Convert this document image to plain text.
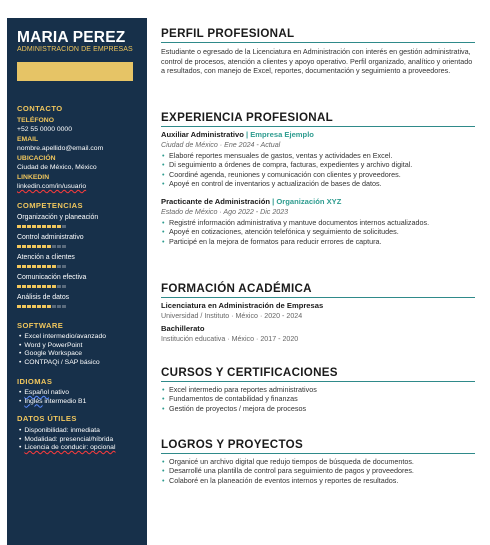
MARIA PEREZ
ADMINISTRACION DE EMPRESAS
CONTACTO
TELÉFONO
+52 55 0000 0000
EMAIL
nombre.apellido@email.com
UBICACIÓN
Ciudad de México, México
LINKEDIN
linkedin.com/in/usuario
COMPETENCIAS
Organización y planeación
Control administrativo
Atención a clientes
Comunicación efectiva
Análisis de datos
SOFTWARE
• Excel intermedio/avanzado
• Word y PowerPoint
• Google Workspace
• CONTPAQi / SAP básico
IDIOMAS
• Español nativo
• Inglés intermedio B1
DATOS ÚTILES
• Disponibilidad: inmediata
• Modalidad: presencial/híbrida
• Licencia de conducir: opcional
PERFIL PROFESIONAL
Estudiante o egresado de la Licenciatura en Administración con interés en gestión administrativa, control de procesos, atención a clientes y apoyo operativo. Perfil organizado, analítico y orientado a resultados, con manejo de Excel, reportes, documentación y seguimiento a proveedores.
EXPERIENCIA PROFESIONAL
Auxiliar Administrativo | Empresa Ejemplo
Ciudad de México · Ene 2024 - Actual
• Elaboré reportes mensuales de gastos, ventas y actividades en Excel.
• Di seguimiento a órdenes de compra, facturas, expedientes y archivo digital.
• Coordiné agenda, reuniones y comunicación con clientes y proveedores.
• Apoyé en control de inventarios y actualización de bases de datos.
Practicante de Administración | Organización XYZ
Estado de México · Ago 2022 - Dic 2023
• Registré información administrativa y mantuve documentos internos actualizados.
• Apoyé en cotizaciones, atención telefónica y seguimiento de solicitudes.
• Participé en la mejora de formatos para reducir errores de captura.
FORMACIÓN ACADÉMICA
Licenciatura en Administración de Empresas
Universidad / Instituto · México · 2020 - 2024
Bachillerato
Institución educativa · México · 2017 - 2020
CURSOS Y CERTIFICACIONES
• Excel intermedio para reportes administrativos
• Fundamentos de contabilidad y finanzas
• Gestión de proyectos / mejora de procesos
LOGROS Y PROYECTOS
• Organicé un archivo digital que redujo tiempos de búsqueda de documentos.
• Desarrollé una plantilla de control para seguimiento de pagos y proveedores.
• Colaboré en la planeación de eventos internos y reportes de resultados.
